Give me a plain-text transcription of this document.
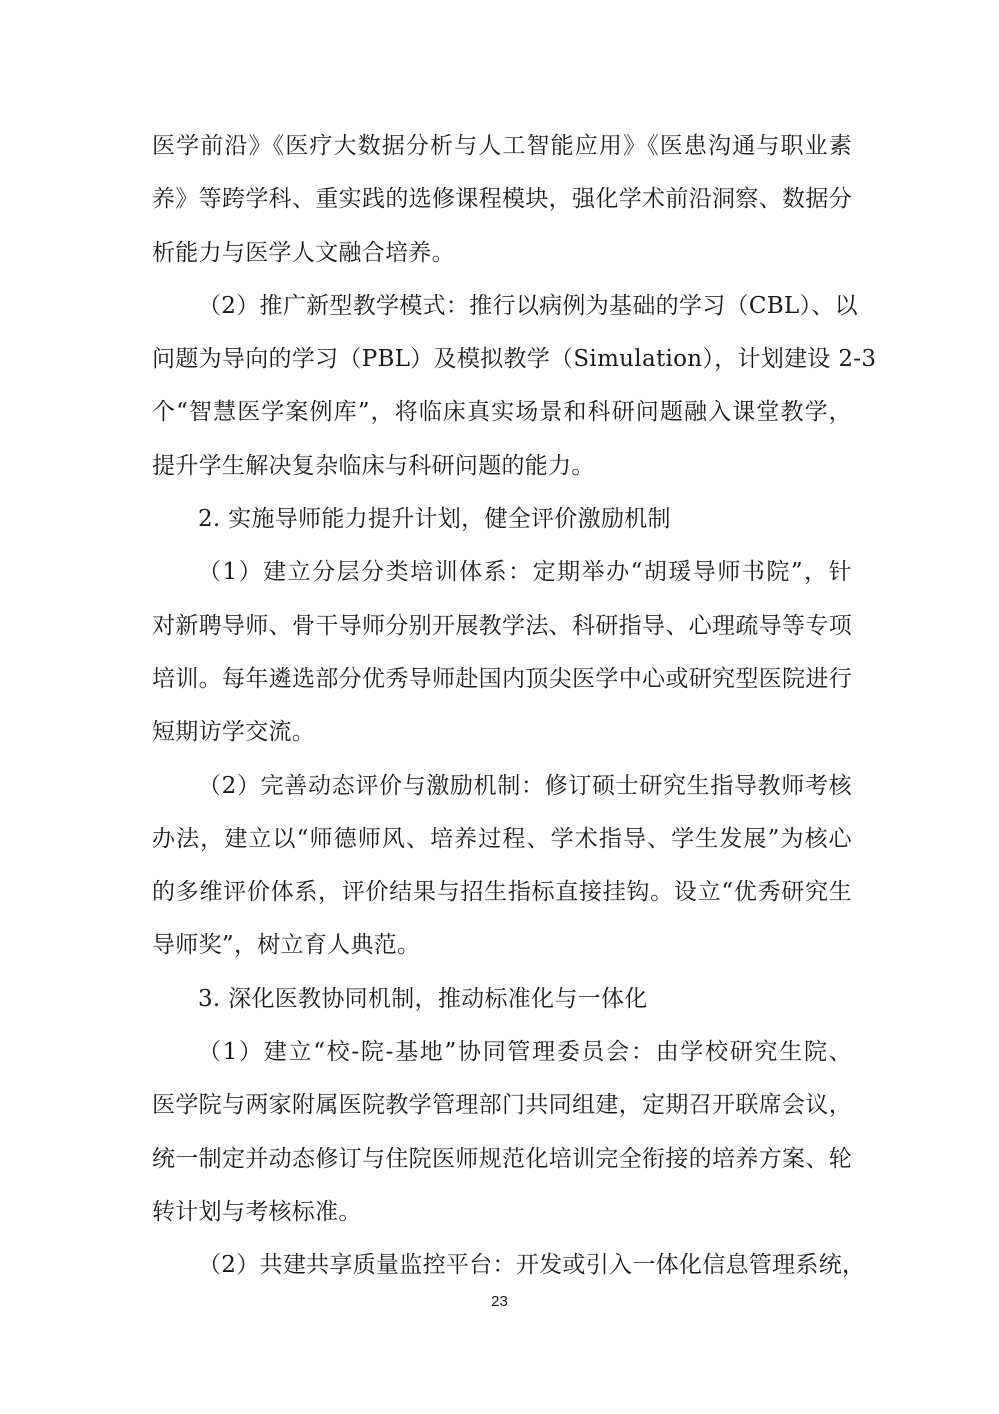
医学前沿》《医疗大数据分析与人工智能应用》《医患沟通与职业素
养》等跨学科、重实践的选修课程模块，强化学术前沿洞察、数据分
析能力与医学人文融合培养。
（2）推广新型教学模式：推行以病例为基础的学习（CBL）、以
问题为导向的学习（PBL）及模拟教学（Simulation），计划建设 2-3
个“智慧医学案例库”，将临床真实场景和科研问题融入课堂教学，
提升学生解决复杂临床与科研问题的能力。
2. 实施导师能力提升计划，健全评价激励机制
（1）建立分层分类培训体系：定期举办“胡瑗导师书院”，针
对新聘导师、骨干导师分别开展教学法、科研指导、心理疏导等专项
培训。每年遴选部分优秀导师赴国内顶尖医学中心或研究型医院进行
短期访学交流。
（2）完善动态评价与激励机制：修订硕士研究生指导教师考核
办法，建立以“师德师风、培养过程、学术指导、学生发展”为核心
的多维评价体系，评价结果与招生指标直接挂钩。设立“优秀研究生
导师奖”，树立育人典范。
3. 深化医教协同机制，推动标准化与一体化
（1）建立“校-院-基地”协同管理委员会：由学校研究生院、
医学院与两家附属医院教学管理部门共同组建，定期召开联席会议，
统一制定并动态修订与住院医师规范化培训完全衔接的培养方案、轮
转计划与考核标准。
（2）共建共享质量监控平台：开发或引入一体化信息管理系统，

23
